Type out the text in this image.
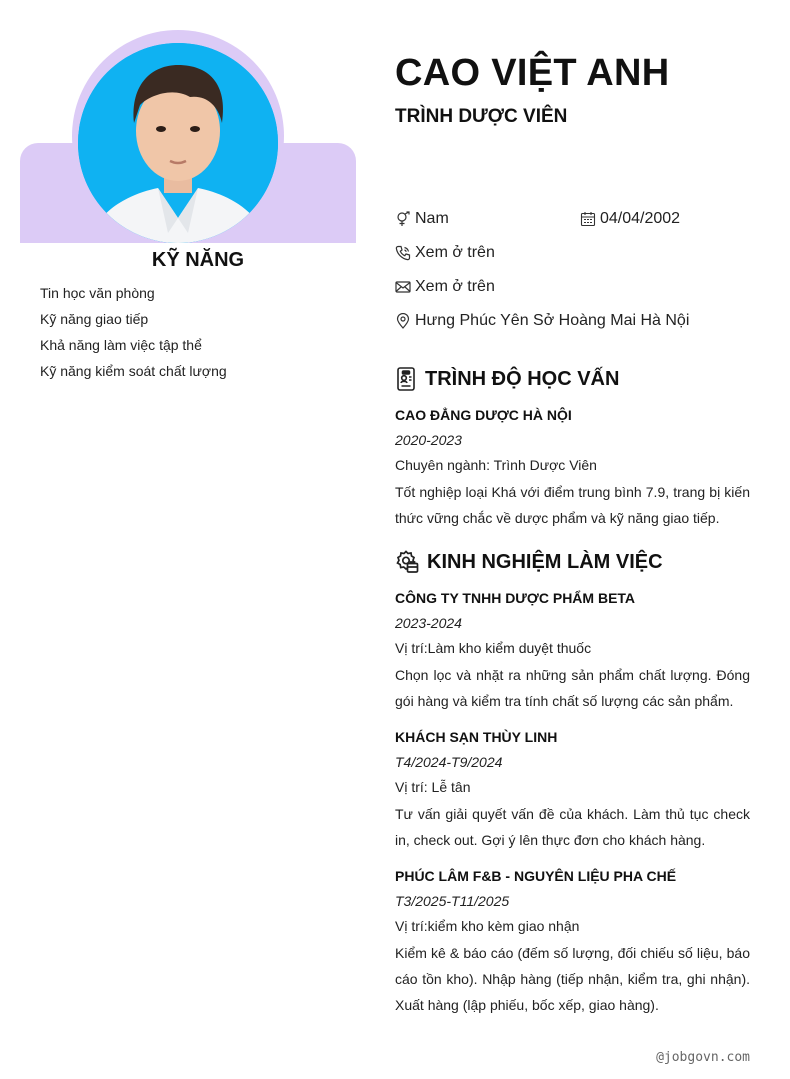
KỸ NĂNG
Tin học văn phòng
Kỹ năng giao tiếp
Khả năng làm việc tập thể
Kỹ năng kiểm soát chất lượng
CAO VIỆT ANH
TRÌNH DƯỢC VIÊN
Nam	04/04/2002
Xem ở trên
Xem ở trên
Hưng Phúc Yên Sở Hoàng Mai Hà Nội
TRÌNH ĐỘ HỌC VẤN
CAO ĐẲNG DƯỢC HÀ NỘI
2020-2023
Chuyên ngành: Trình Dược Viên
Tốt nghiệp loại Khá với điểm trung bình 7.9, trang bị kiến thức vững chắc về dược phẩm và kỹ năng giao tiếp.
KINH NGHIỆM LÀM VIỆC
CÔNG TY TNHH DƯỢC PHẨM BETA
2023-2024
Vị trí:Làm kho kiểm duyệt thuốc
Chọn lọc và nhặt ra những sản phẩm chất lượng. Đóng gói hàng và kiểm tra tính chất số lượng các sản phẩm.
KHÁCH SẠN THÙY LINH
T4/2024-T9/2024
Vị trí: Lễ tân
Tư vấn giải quyết vấn đề của khách. Làm thủ tục check in, check out. Gợi ý lên thực đơn cho khách hàng.
PHÚC LÂM F&B - NGUYÊN LIỆU PHA CHẾ
T3/2025-T11/2025
Vị trí:kiểm kho kèm giao nhận
Kiểm kê & báo cáo (đếm số lượng, đối chiếu số liệu, báo cáo tồn kho). Nhập hàng (tiếp nhận, kiểm tra, ghi nhận). Xuất hàng (lập phiếu, bốc xếp, giao hàng).
@jobgovn.com
